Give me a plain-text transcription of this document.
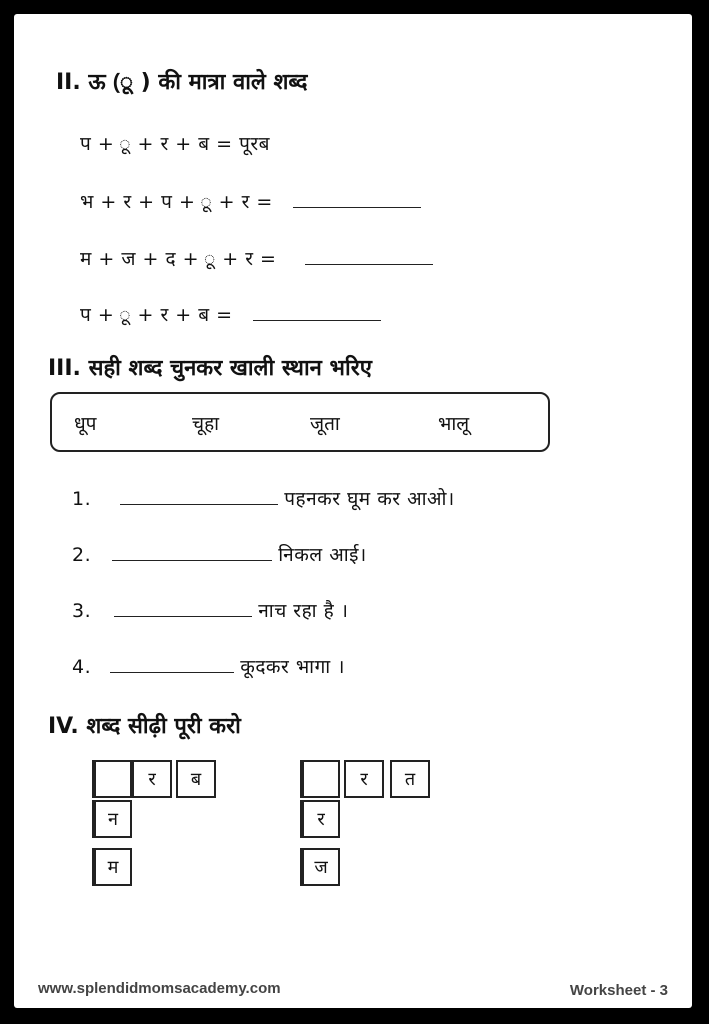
II. ऊ (ू ) की मात्रा वाले शब्द
प + ू + र + ब = पूरब
भ + र + प + ू + र =
म + ज + द + ू + र =
प + ू + र + ब =
III. सही शब्द चुनकर खाली स्थान भरिए
धूप	चूहा	जूता	भालू
1.	पहनकर घूम कर आओ।
2.	निकल आई।
3.	नाच रहा है ।
4.	कूदकर भागा ।
IV. शब्द सीढ़ी पूरी करो
र	ब
न
म
र	त
र
ज
www.splendidmomsacademy.com	Worksheet - 3
